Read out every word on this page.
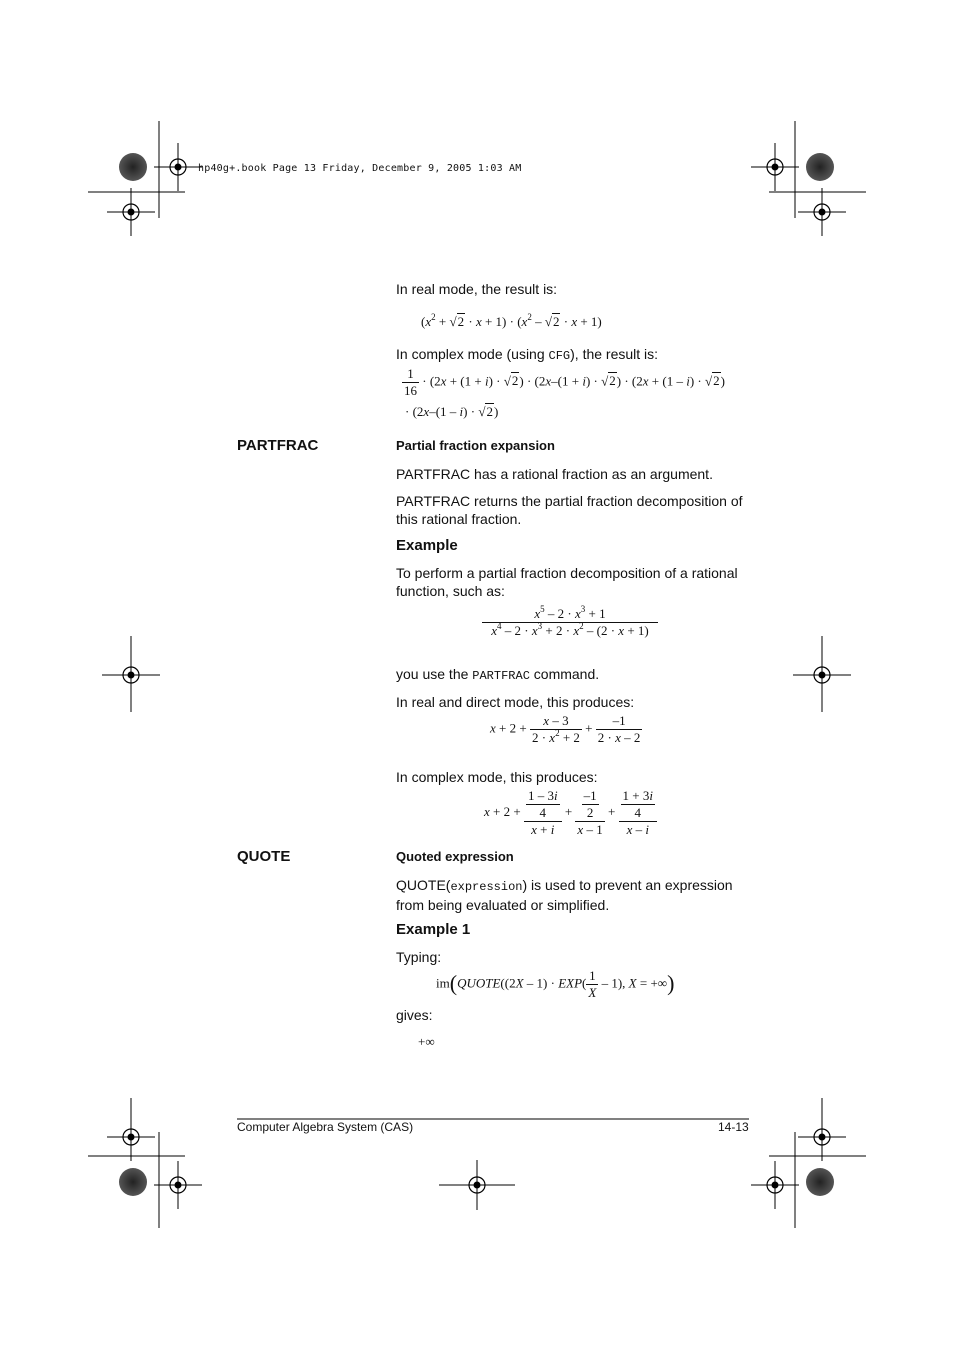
hp40g+.book Page 13 Friday, December 9, 2005 1:03 AM
In real mode, the result is:
$(x^2 + √2 \cdot x + 1) \cdot (x^2 - √2 \cdot x + 1)$
In complex mode (using CFG), the result is:
$\frac{1}{16} \cdot (2x + (1 + i) \cdot √2) \cdot (2x-(1 + i) \cdot √2) \cdot (2x + (1 - i) \cdot √2)$
· (2x–(1 – i) · √2)
PARTFRAC	Partial fraction expansion
PARTFRAC has a rational fraction as an argument.
PARTFRAC returns the partial fraction decomposition of this rational fraction.
Example
To perform a partial fraction decomposition of a rational function, such as:
$\frac{x^5 - 2 \cdot x^3 + 1}{x^4 - 2 \cdot x^3 + 2 \cdot x^2 - (2 \cdot x + 1)}$
you use the PARTFRAC command.
In real and direct mode, this produces:
$x + 2 + \frac{x - 3}{2 \cdot x^2 + 2} + \frac{-1}{2 \cdot x - 2}$
In complex mode, this produces:
$x + 2 + \frac{\frac{1 - 3i}{4}}{x + i} + \frac{\frac{-1}{2}}{x - 1} + \frac{\frac{1 + 3i}{4}}{x - i}$
QUOTE	Quoted expression
QUOTE(expression) is used to prevent an expression from being evaluated or simplified.
Example 1
Typing:
im(QUOTE((2X – $1) \cdot EXP( \frac{1}{X} - 1)$, X = +∞)
gives:
+∞
Computer Algebra System (CAS)	14-13
